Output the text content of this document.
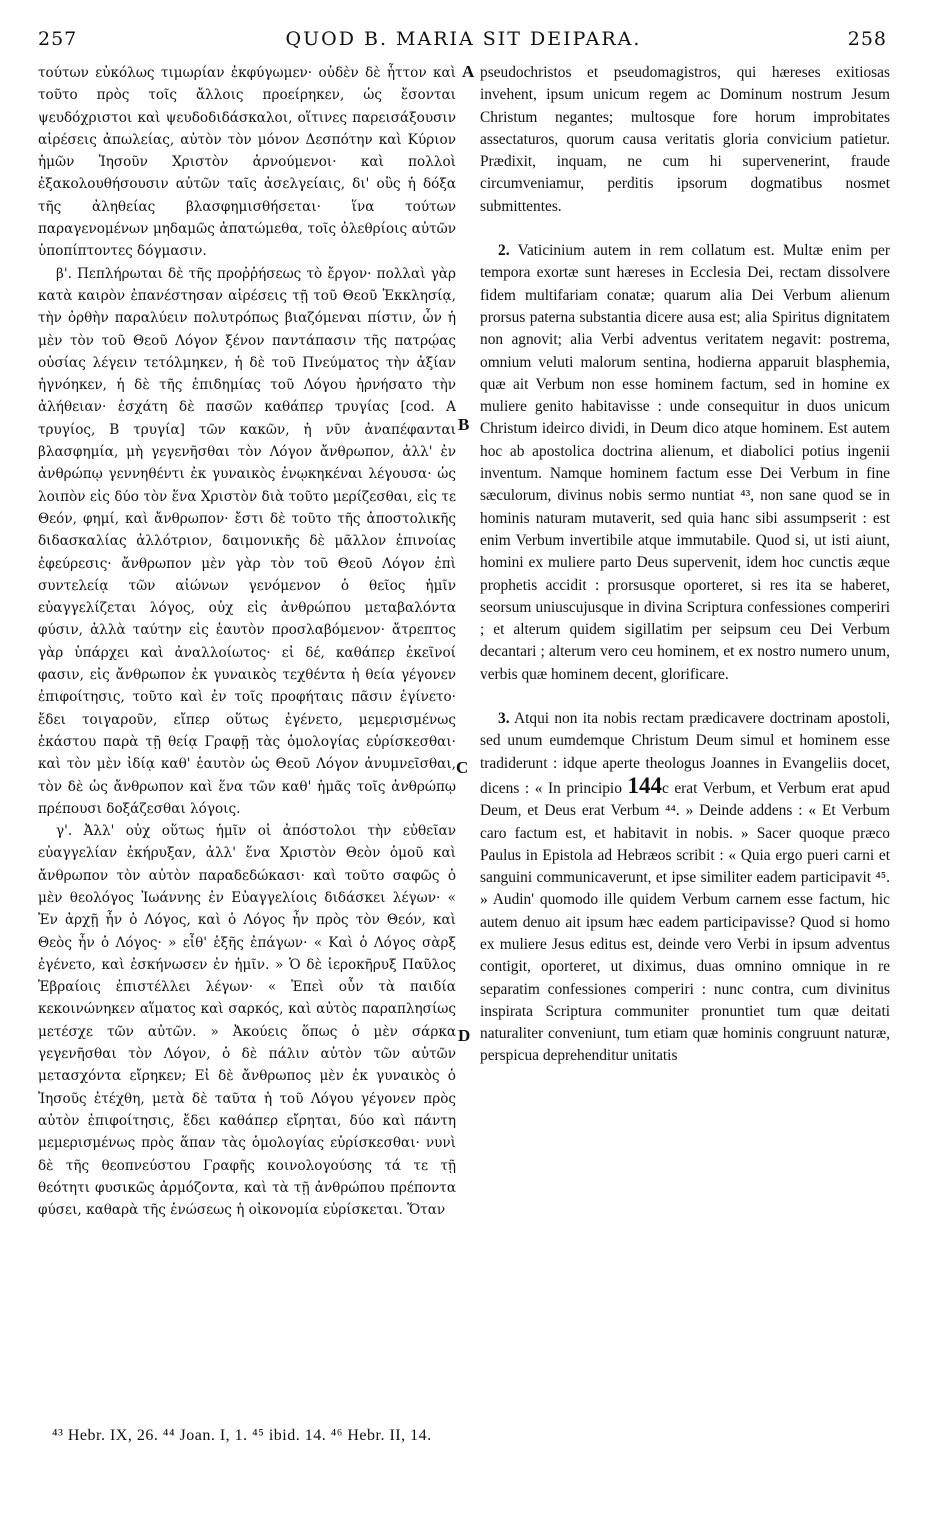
257	QUOD B. MARIA SIT DEIPARA.	258
A
B
C
D

τούτων εὐκόλως τιμωρίαν ἐκφύγωμεν· οὐδὲν δὲ ἧττον καὶ τοῦτο πρὸς τοῖς ἄλλοις προείρηκεν, ὡς ἔσονται ψευδόχριστοι καὶ ψευδοδιδάσκαλοι, οἵτινες παρεισάξουσιν αἱρέσεις ἀπωλείας, αὐτὸν τὸν μόνον Δεσπότην καὶ Κύριον ἡμῶν Ἰησοῦν Χριστὸν ἀρνούμενοι· καὶ πολλοὶ ἐξακολουθήσουσιν αὐτῶν ταῖς ἀσελγείαις, δι' οὓς ἡ δόξα τῆς ἀληθείας βλασφημισθήσεται· ἵνα τούτων παραγενομένων μηδαμῶς ἀπατώμεθα, τοῖς ὀλεθρίοις αὐτῶν ὑποπίπτοντες δόγμασιν.

β'. Πεπλήρωται δὲ τῆς προῤῥήσεως τὸ ἔργον· πολλαὶ γὰρ κατὰ καιρὸν ἐπανέστησαν αἱρέσεις τῇ τοῦ Θεοῦ Ἐκκλησίᾳ, τὴν ὀρθὴν παραλύειν πολυτρόπως βιαζόμεναι πίστιν, ὧν ἡ μὲν τὸν τοῦ Θεοῦ Λόγον ξένον παντάπασιν τῆς πατρῴας οὐσίας λέγειν τετόλμηκεν, ἡ δὲ τοῦ Πνεύματος τὴν ἀξίαν ἠγνόηκεν, ἡ δὲ τῆς ἐπιδημίας τοῦ Λόγου ἠρνήσατο τὴν ἀλήθειαν· ἐσχάτη δὲ πασῶν καθάπερ τρυγίας [cod. A τρυγίος, B τρυγία] τῶν κακῶν, ἡ νῦν ἀναπέφανται βλασφημία, μὴ γεγενῆσθαι τὸν Λόγον ἄνθρωπον, ἀλλ' ἐν ἀνθρώπῳ γεννηθέντι ἐκ γυναικὸς ἐνῳκηκέναι λέγουσα· ὡς λοιπὸν εἰς δύο τὸν ἕνα Χριστὸν διὰ τοῦτο μερίζεσθαι, εἰς τε Θεόν, φημί, καὶ ἄνθρωπον· ἔστι δὲ τοῦτο τῆς ἀποστολικῆς διδασκαλίας ἀλλότριον, δαιμονικῆς δὲ μᾶλλον ἐπινοίας ἐφεύρεσις· ἄνθρωπον μὲν γὰρ τὸν τοῦ Θεοῦ Λόγον ἐπὶ συντελείᾳ τῶν αἰώνων γενόμενον ὁ θεῖος ἡμῖν εὐαγγελίζεται λόγος, οὐχ εἰς ἀνθρώπου μεταβαλόντα φύσιν, ἀλλὰ ταύτην εἰς ἑαυτὸν προσλαβόμενον· ἄτρεπτος γὰρ ὑπάρχει καὶ ἀναλλοίωτος· εἰ δέ, καθάπερ ἐκεῖνοί φασιν, εἰς ἄνθρωπον ἐκ γυναικὸς τεχθέντα ἡ θεία γέγονεν ἐπιφοίτησις, τοῦτο καὶ ἐν τοῖς προφήταις πᾶσιν ἐγίνετο· ἔδει τοιγαροῦν, εἴπερ οὕτως ἐγένετο, μεμερισμένως ἑκάστου παρὰ τῇ θείᾳ Γραφῇ τὰς ὁμολογίας εὑρίσκεσθαι· καὶ τὸν μὲν ἰδίᾳ καθ' ἑαυτὸν ὡς Θεοῦ Λόγον ἀνυμνεῖσθαι, τὸν δὲ ὡς ἄνθρωπον καὶ ἕνα τῶν καθ' ἡμᾶς τοῖς ἀνθρώπῳ πρέπουσι δοξάζεσθαι λόγοις.

γ'. Ἀλλ' οὐχ οὕτως ἡμῖν οἱ ἀπόστολοι τὴν εὐθεῖαν εὐαγγελίαν ἐκήρυξαν, ἀλλ' ἕνα Χριστὸν Θεὸν ὁμοῦ καὶ ἄνθρωπον τὸν αὐτὸν παραδεδώκασι· καὶ τοῦτο σαφῶς ὁ μὲν θεολόγος Ἰωάννης ἐν Εὐαγγελίοις διδάσκει λέγων· « Ἐν ἀρχῇ ἦν ὁ Λόγος, καὶ ὁ Λόγος ἦν πρὸς τὸν Θεόν, καὶ Θεὸς ἦν ὁ Λόγος· » εἶθ' ἑξῆς ἐπάγων· « Καὶ ὁ Λόγος σὰρξ ἐγένετο, καὶ ἐσκήνωσεν ἐν ἡμῖν. » Ὁ δὲ ἱεροκῆρυξ Παῦλος Ἑβραίοις ἐπιστέλλει λέγων· « Ἐπεὶ οὖν τὰ παιδία κεκοινώνηκεν αἵματος καὶ σαρκός, καὶ αὐτὸς παραπλησίως μετέσχε τῶν αὐτῶν. » Ἀκούεις ὅπως ὁ μὲν σάρκα γεγενῆσθαι τὸν Λόγον, ὁ δὲ πάλιν αὐτὸν τῶν αὐτῶν μετασχόντα εἴρηκεν; Εἰ δὲ ἄνθρωπος μὲν ἐκ γυναικὸς ὁ Ἰησοῦς ἐτέχθη, μετὰ δὲ ταῦτα ἡ τοῦ Λόγου γέγονεν πρὸς αὐτὸν ἐπιφοίτησις, ἔδει καθάπερ εἴρηται, δύο καὶ πάντη μεμερισμένως πρὸς ἅπαν τὰς ὁμολογίας εὑρίσκεσθαι· νυνὶ δὲ τῆς θεοπνεύστου Γραφῆς κοινολογούσης τά τε τῇ θεότητι φυσικῶς ἁρμόζοντα, καὶ τὰ τῇ ἀνθρώπου πρέποντα φύσει, καθαρὰ τῆς ἑνώσεως ἡ οἰκονομία εὑρίσκεται. Ὅταν

pseudochristos et pseudomagistros, qui hæreses exitiosas invehent, ipsum unicum regem ac Dominum nostrum Jesum Christum negantes; multosque fore horum improbitates assectaturos, quorum causa veritatis gloria convicium patietur. Prædixit, inquam, ne cum hi supervenerint, fraude circumveniamur, perditis ipsorum dogmatibus nosmet submittentes.

2. Vaticinium autem in rem collatum est. Multæ enim per tempora exortæ sunt hæreses in Ecclesia Dei, rectam dissolvere fidem multifariam conatæ; quarum alia Dei Verbum alienum prorsus paterna substantia dicere ausa est; alia Spiritus dignitatem non agnovit; alia Verbi adventus veritatem negavit: postrema, omnium veluti malorum sentina, hodierna apparuit blasphemia, quæ ait Verbum non esse hominem factum, sed in homine ex muliere genito habitavisse : unde consequitur in duos unicum Christum ideirco dividi, in Deum dico atque hominem. Est autem hoc ab apostolica doctrina alienum, et diabolici potius ingenii inventum. Namque hominem factum esse Dei Verbum in fine sæculorum, divinus nobis sermo nuntiat ⁴³, non sane quod se in hominis naturam mutaverit, sed quia hanc sibi assumpserit : est enim Verbum invertibile atque immutabile. Quod si, ut isti aiunt, homini ex muliere parto Deus supervenit, idem hoc cunctis æque prophetis accidit : prorsusque oporteret, si res ita se haberet, seorsum uniuscujusque in divina Scriptura confessiones comperiri ; et alterum quidem sigillatim per seipsum ceu Dei Verbum decantari ; alterum vero ceu hominem, et ex nostro numero unum, verbis quæ hominem decent, glorificare.

3. Atqui non ita nobis rectam prædicavere doctrinam apostoli, sed unum eumdemque Christum Deum simul et hominem esse tradiderunt : idque aperte theologus Joannes in Evangeliis docet, dicens : « In principio 144c erat Verbum, et Verbum erat apud Deum, et Deus erat Verbum ⁴⁴. » Deinde addens : « Et Verbum caro factum est, et habitavit in nobis. » Sacer quoque præco Paulus in Epistola ad Hebræos scribit : « Quia ergo pueri carni et sanguini communicaverunt, et ipse similiter eadem participavit ⁴⁵. » Audin' quomodo ille quidem Verbum carnem esse factum, hic autem denuo ait ipsum hæc eadem participavisse? Quod si homo ex muliere Jesus editus est, deinde vero Verbi in ipsum adventus contigit, oporteret, ut diximus, duas omnino omnique in re separatim confessiones comperiri : nunc contra, cum divinitus inspirata Scriptura communiter pronuntiet tum quæ deitati naturaliter conveniunt, tum etiam quæ hominis congruunt naturæ, perspicua deprehenditur unitatis

⁴³ Hebr. IX, 26. ⁴⁴ Joan. I, 1. ⁴⁵ ibid. 14. ⁴⁶ Hebr. II, 14.
